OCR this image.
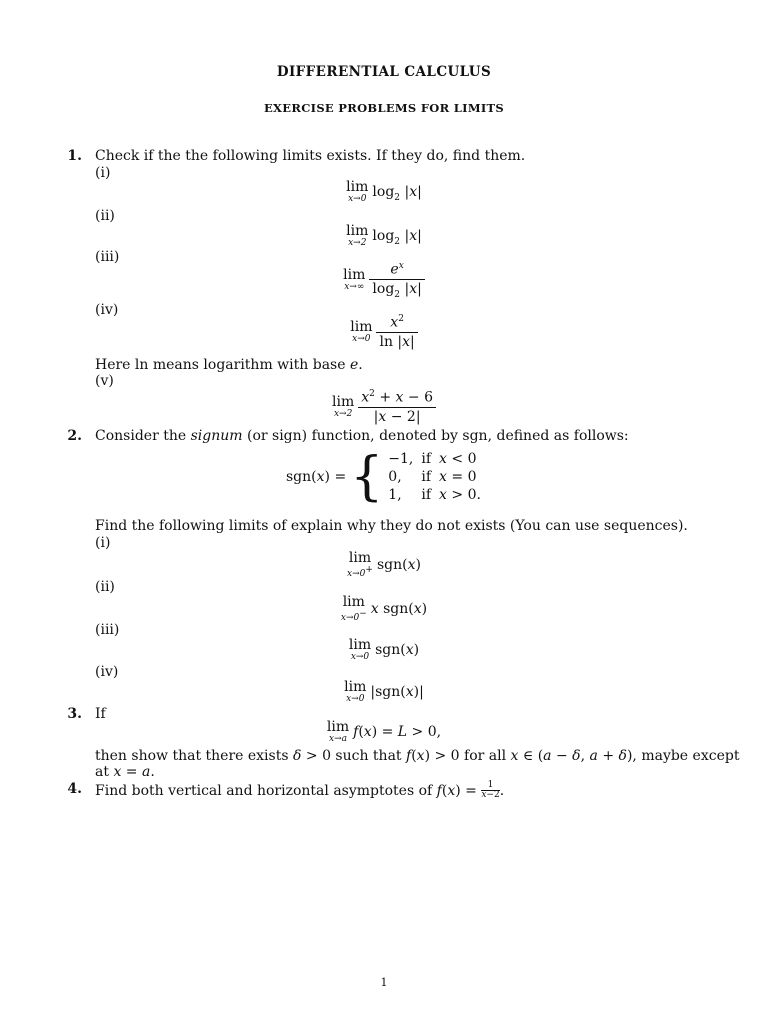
DIFFERENTIAL CALCULUS
EXERCISE PROBLEMS FOR LIMITS
1. Check if the the following limits exists. If they do, find them.
(i)
lim
x→0 $\log_2 |x|$
(ii)
lim
x→2 $\log_2 |x|$
(iii)
lim
$x\to\infty \frac{e^x}{\log_2 |x|}$
(iv)
lim
$x\to 0 \frac{x^2}{\ln |x|}$
Here ln means logarithm with base e.
(v)
lim
$x\to 2 \frac{x^2 + x - 6}{|x - 2|}$
2. Consider the signum (or sign) function, denoted by sgn, defined as follows:
sgn(x) =	{	−1,	if	x < 0
0,	if	x = 0
1,	if	x > 0.
Find the following limits of explain why they do not exists (You can use sequences).
(i)
lim
x→0+ sgn(x)
(ii)
lim
x→0− x sgn(x)
(iii)
lim
x→0 sgn(x)
(iv)
lim
x→0 |sgn(x)|
3. If
lim
x→a f(x) = L > 0,
then show that there exists δ > 0 such that f(x) > 0 for all x ∈ (a − δ, a + δ), maybe except
at x = a.
4. Find both vertical and horizontal asymptotes of $f(x) = \frac{1}{x-2}$ .
1
